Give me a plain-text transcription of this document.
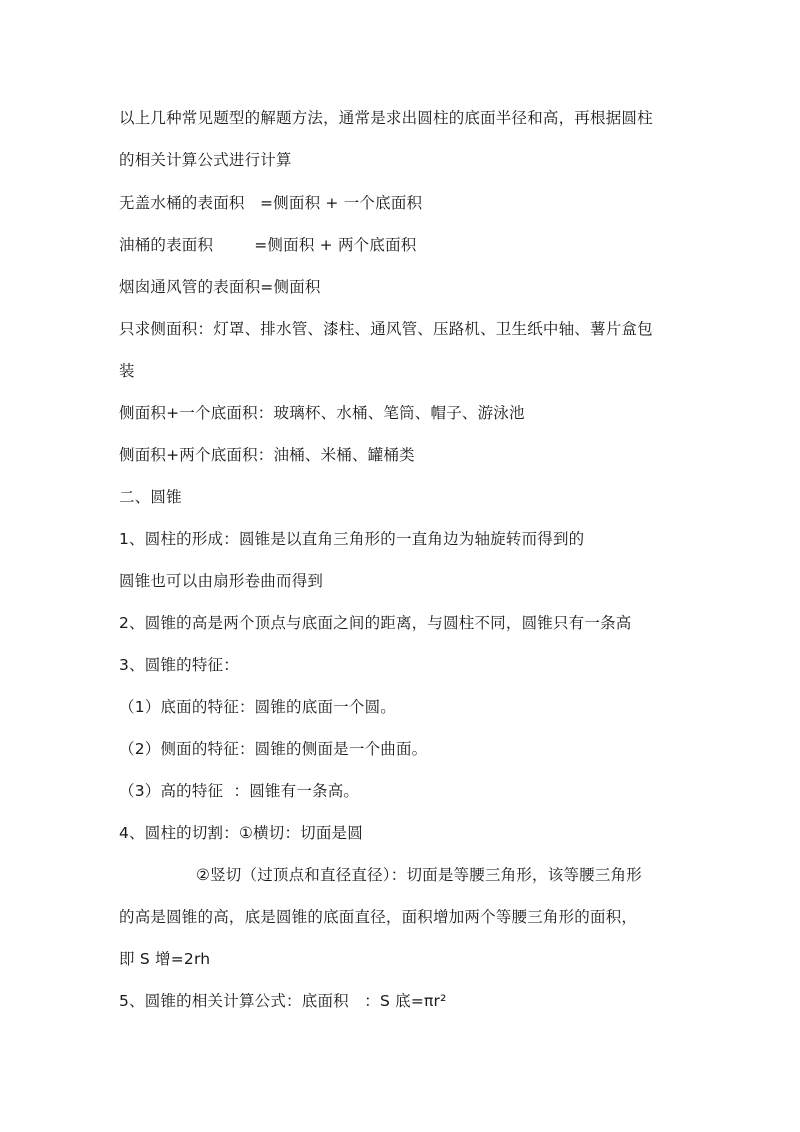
以上几种常见题型的解题方法，通常是求出圆柱的底面半径和高，再根据圆柱

的相关计算公式进行计算

无盖水桶的表面积 =侧面积 + 一个底面积

油桶的表面积	=侧面积 + 两个底面积

烟囱通风管的表面积=侧面积

只求侧面积：灯罩、排水管、漆柱、通风管、压路机、卫生纸中轴、薯片盒包

装

侧面积+一个底面积：玻璃杯、水桶、笔筒、帽子、游泳池

侧面积+两个底面积：油桶、米桶、罐桶类

二、圆锥

1、圆柱的形成：圆锥是以直角三角形的一直角边为轴旋转而得到的

圆锥也可以由扇形卷曲而得到

2、圆锥的高是两个顶点与底面之间的距离，与圆柱不同，圆锥只有一条高

3、圆锥的特征：

（1）底面的特征：圆锥的底面一个圆。

（2）侧面的特征：圆锥的侧面是一个曲面。

（3）高的特征 ：圆锥有一条高。

4、圆柱的切割：①横切：切面是圆

②竖切（过顶点和直径直径）：切面是等腰三角形，该等腰三角形

的高是圆锥的高，底是圆锥的底面直径，面积增加两个等腰三角形的面积，

即 S 增=2rh

5、圆锥的相关计算公式：底面积 ：S 底=πr²
